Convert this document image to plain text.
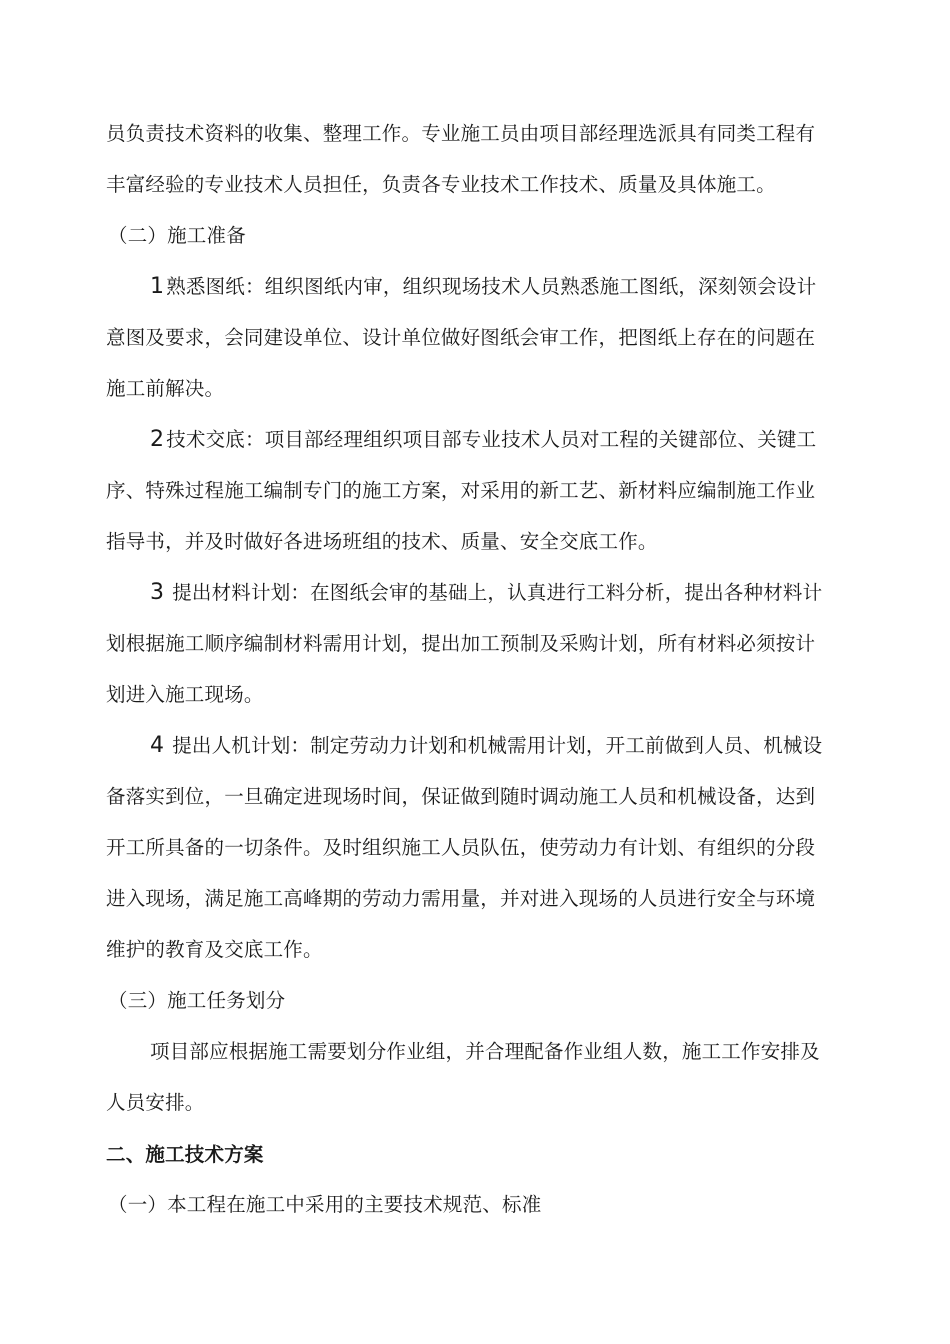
员负责技术资料的收集、整理工作。专业施工员由项目部经理选派具有同类工程有
丰富经验的专业技术人员担任，负责各专业技术工作技术、质量及具体施工。
（二）施工准备
1 熟悉图纸：组织图纸内审，组织现场技术人员熟悉施工图纸，深刻领会设计
意图及要求，会同建设单位、设计单位做好图纸会审工作，把图纸上存在的问题在
施工前解决。
2 技术交底：项目部经理组织项目部专业技术人员对工程的关键部位、关键工
序、特殊过程施工编制专门的施工方案，对采用的新工艺、新材料应编制施工作业
指导书，并及时做好各进场班组的技术、质量、安全交底工作。
3 提出材料计划：在图纸会审的基础上，认真进行工料分析，提出各种材料计
划根据施工顺序编制材料需用计划，提出加工预制及采购计划，所有材料必须按计
划进入施工现场。
4 提出人机计划：制定劳动力计划和机械需用计划，开工前做到人员、机械设
备落实到位，一旦确定进现场时间，保证做到随时调动施工人员和机械设备，达到
开工所具备的一切条件。及时组织施工人员队伍，使劳动力有计划、有组织的分段
进入现场，满足施工高峰期的劳动力需用量，并对进入现场的人员进行安全与环境
维护的教育及交底工作。
（三）施工任务划分
项目部应根据施工需要划分作业组，并合理配备作业组人数，施工工作安排及
人员安排。
二、施工技术方案
（一）本工程在施工中采用的主要技术规范、标准
